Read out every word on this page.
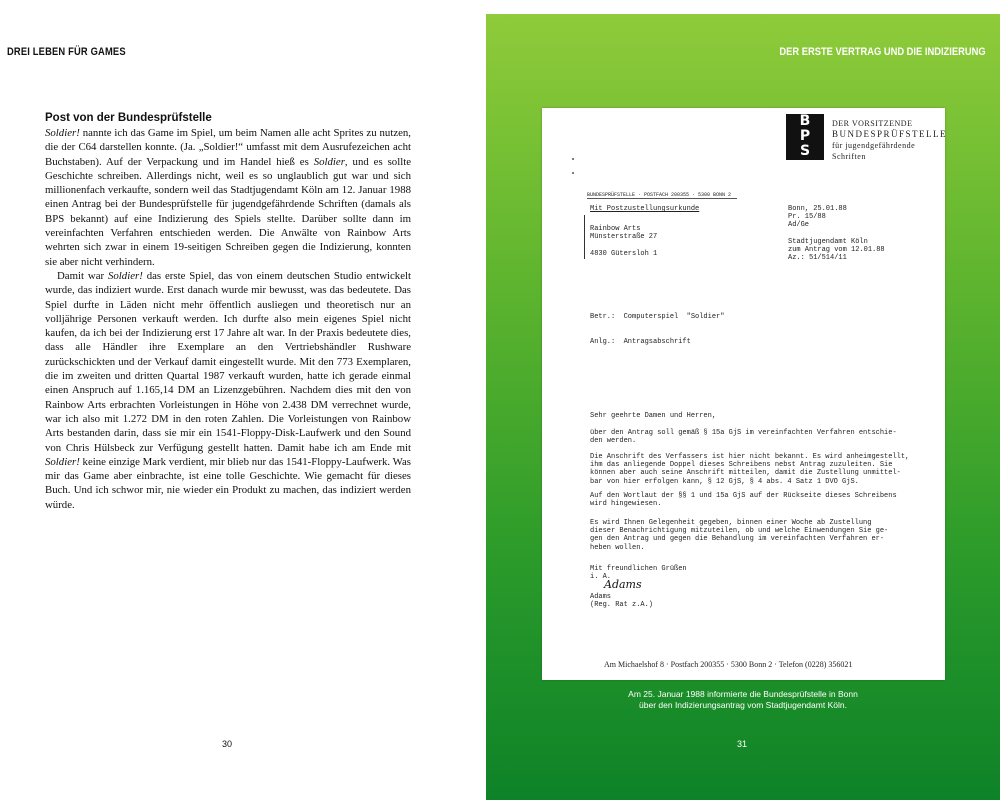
DREI LEBEN FÜR GAMES
Post von der Bundesprüfstelle

Soldier! nannte ich das Game im Spiel, um beim Namen alle acht Sprites zu nutzen, die der C64 darstellen konnte. (Ja. „Soldier!“ umfasst mit dem Ausrufezeichen acht Buchstaben). Auf der Verpackung und im Handel hieß es Soldier, und es sollte Geschichte schreiben. Allerdings nicht, weil es so unglaublich gut war und sich millionenfach verkaufte, sondern weil das Stadtjugendamt Köln am 12. Januar 1988 einen Antrag bei der Bundesprüfstelle für jugendgefährdende Schriften (damals als BPS bekannt) auf eine Indizierung des Spiels stellte. Darüber sollte dann im vereinfachten Verfahren entschieden werden. Die Anwälte von Rainbow Arts wehrten sich zwar in einem 19-seitigen Schreiben gegen die Indizierung, konnten sie aber nicht verhindern.

Damit war Soldier! das erste Spiel, das von einem deutschen Studio entwickelt wurde, das indiziert wurde. Erst danach wurde mir bewusst, was das bedeutete. Das Spiel durfte in Läden nicht mehr öffentlich ausliegen und theoretisch nur an volljährige Personen verkauft werden. Ich durfte also mein eigenes Spiel nicht kaufen, da ich bei der Indizierung erst 17 Jahre alt war. In der Praxis bedeutete dies, dass alle Händler ihre Exemplare an den Vertriebshändler Rushware zurückschickten und der Verkauf damit eingestellt wurde. Mit den 773 Exemplaren, die im zweiten und dritten Quartal 1987 verkauft wurden, hatte ich gerade einmal einen Anspruch auf 1.165,14 DM an Lizenzgebühren. Nachdem dies mit den von Rainbow Arts erbrachten Vorleistungen in Höhe von 2.438 DM verrechnet wurde, war ich also mit 1.272 DM in den roten Zahlen. Die Vorleistungen von Rainbow Arts bestanden darin, dass sie mir ein 1541-Floppy-Disk-Laufwerk und den Sound von Chris Hülsbeck zur Verfügung gestellt hatten. Damit habe ich am Ende mit Soldier! keine einzige Mark verdient, mir blieb nur das 1541-Floppy-Laufwerk. Was mir das Game aber einbrachte, ist eine tolle Geschichte. Wie gemacht für dieses Buch. Und ich schwor mir, nie wieder ein Produkt zu machen, das indiziert werden würde.

30
DER ERSTE VERTRAG UND DIE INDIZIERUNG
B
P
S
DER VORSITZENDE
BUNDESPRÜFSTELLE
für jugendgefährdende Schriften
BUNDESPRÜFSTELLE · POSTFACH 200355 · 5300 BONN 2
Mit Postzustellungsurkunde
Rainbow Arts
Münsterstraße 27

4830 Gütersloh 1
Bonn, 25.01.88
Pr. 15/88
Ad/Ge

Stadtjugendamt Köln
zum Antrag vom 12.01.88
Az.: 51/514/11
Betr.:  Computerspiel  "Soldier"
Anlg.:  Antragsabschrift
Sehr geehrte Damen und Herren,
über den Antrag soll gemäß § 15a GjS im vereinfachten Verfahren entschie-
den werden.
Die Anschrift des Verfassers ist hier nicht bekannt. Es wird anheimgestellt,
ihm das anliegende Doppel dieses Schreibens nebst Antrag zuzuleiten. Sie
können aber auch seine Anschrift mitteilen, damit die Zustellung unmittel-
bar von hier erfolgen kann, § 12 GjS, § 4 abs. 4 Satz 1 DVO GjS.
Auf den Wortlaut der §§ 1 und 15a GjS auf der Rückseite dieses Schreibens
wird hingewiesen.
Es wird Ihnen Gelegenheit gegeben, binnen einer Woche ab Zustellung
dieser Benachrichtigung mitzuteilen, ob und welche Einwendungen Sie ge-
gen den Antrag und gegen die Behandlung im vereinfachten Verfahren er-
heben wollen.
Mit freundlichen Grüßen
i. A.
Adams
Adams
(Reg. Rat z.A.)
Am Michaelshof 8 · Postfach 200355 · 5300 Bonn 2 · Telefon (0228) 356021
Am 25. Januar 1988 informierte die Bundesprüfstelle in Bonn
über den Indizierungsantrag vom Stadtjugendamt Köln.
31
